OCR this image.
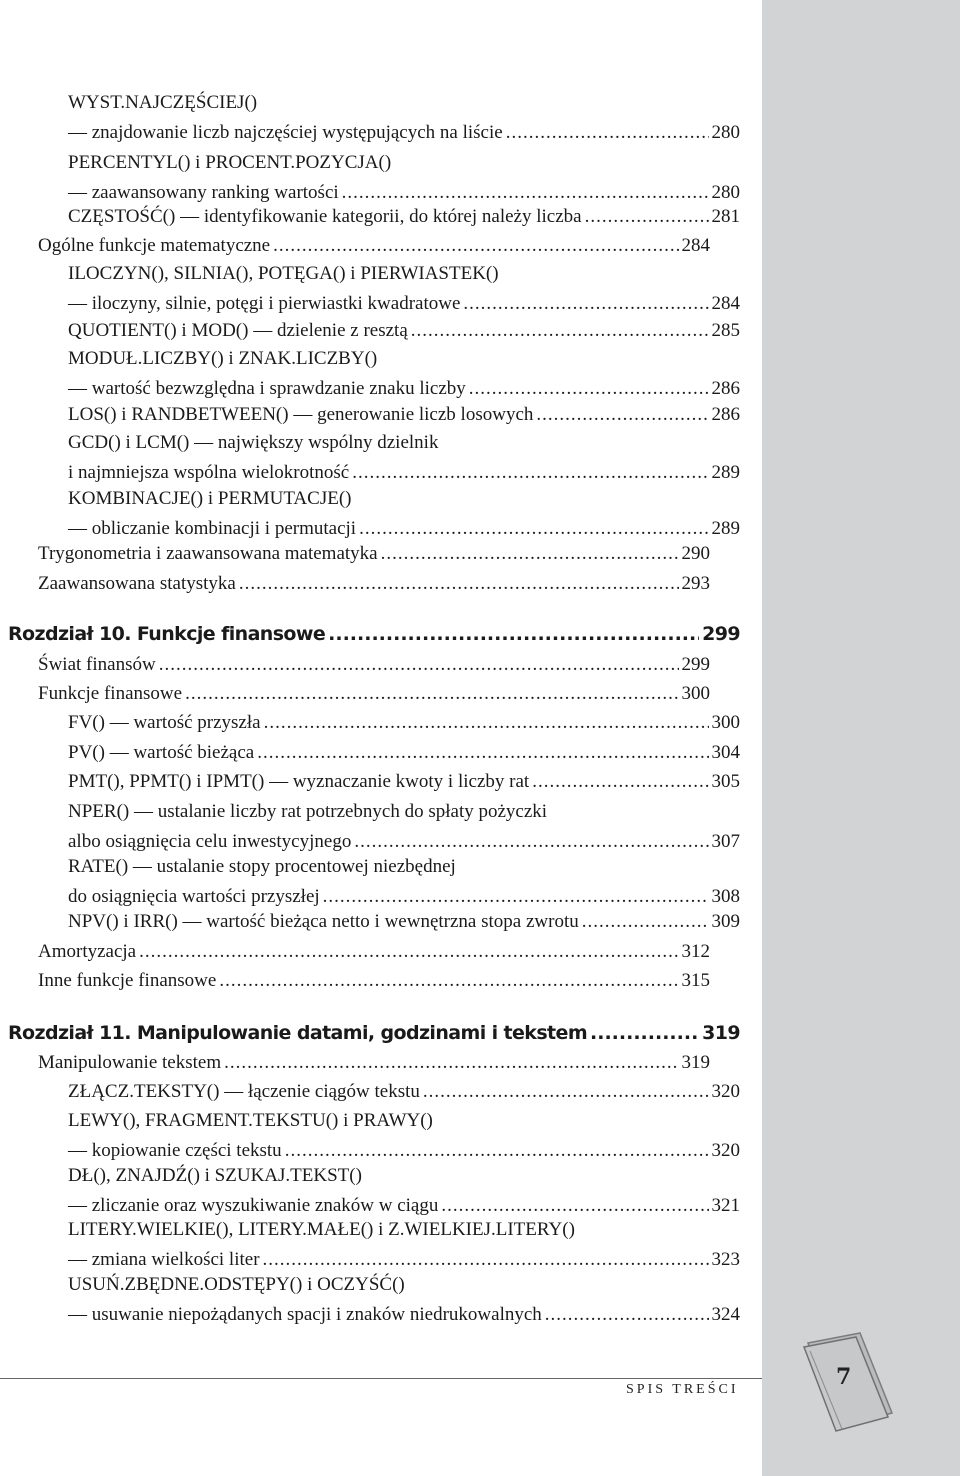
WYST.NAJCZĘŚCIEJ()
— znajdowanie liczb najczęściej występujących na liście .....	280
PERCENTYL() i PROCENT.POZYCJA()
— zaawansowany ranking wartości .....	280
CZĘSTOŚĆ() — identyfikowanie kategorii, do której należy liczba .....	281
Ogólne funkcje matematyczne .....	284
ILOCZYN(), SILNIA(), POTĘGA() i PIERWIASTEK()
— iloczyny, silnie, potęgi i pierwiastki kwadratowe .....	284
QUOTIENT() i MOD() — dzielenie z resztą .....	285
MODUŁ.LICZBY() i ZNAK.LICZBY()
— wartość bezwzględna i sprawdzanie znaku liczby .....	286
LOS() i RANDBETWEEN() — generowanie liczb losowych .....	286
GCD() i LCM() — największy wspólny dzielnik
i najmniejsza wspólna wielokrotność .....	289
KOMBINACJE() i PERMUTACJE()
— obliczanie kombinacji i permutacji .....	289
Trygonometria i zaawansowana matematyka .....	290
Zaawansowana statystyka .....	293
Rozdział 10. Funkcje finansowe .....	299
Świat finansów .....	299
Funkcje finansowe .....	300
FV() — wartość przyszła .....	300
PV() — wartość bieżąca .....	304
PMT(), PPMT() i IPMT() — wyznaczanie kwoty i liczby rat .....	305
NPER() — ustalanie liczby rat potrzebnych do spłaty pożyczki
albo osiągnięcia celu inwestycyjnego .....	307
RATE() — ustalanie stopy procentowej niezbędnej
do osiągnięcia wartości przyszłej .....	308
NPV() i IRR() — wartość bieżąca netto i wewnętrzna stopa zwrotu .....	309
Amortyzacja .....	312
Inne funkcje finansowe .....	315
Rozdział 11. Manipulowanie datami, godzinami i tekstem .....	319
Manipulowanie tekstem .....	319
ZŁĄCZ.TEKSTY() — łączenie ciągów tekstu .....	320
LEWY(), FRAGMENT.TEKSTU() i PRAWY()
— kopiowanie części tekstu .....	320
DŁ(), ZNAJDŹ() i SZUKAJ.TEKST()
— zliczanie oraz wyszukiwanie znaków w ciągu .....	321
LITERY.WIELKIE(), LITERY.MAŁE() i Z.WIELKIEJ.LITERY()
— zmiana wielkości liter .....	323
USUŃ.ZBĘDNE.ODSTĘPY() i OCZYŚĆ()
— usuwanie niepożądanych spacji i znaków niedrukowalnych .....	324
SPIS TREŚCI	7
